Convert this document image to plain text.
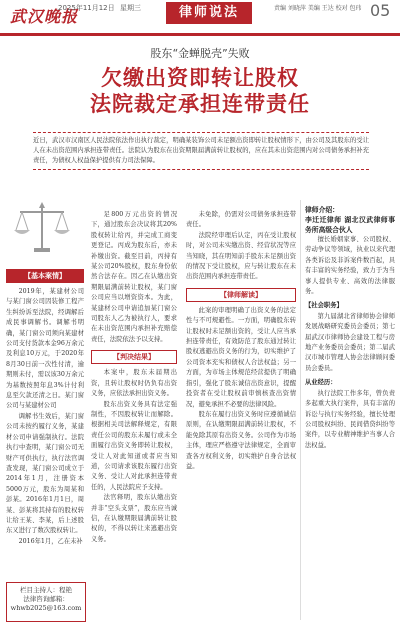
武汉晚报
2025年11月12日 星期三	律师说法	责编 刘晓萍 美编 王达 校对 包玮 05
股东“金蝉脱壳”失败
欠缴出资即转让股权
法院裁定承担连带责任
近日，武汉市汉南区人民法院依法作出执行裁定，明确某装饰公司未足额出资即转让股权情形下，由公司及其股东的受让人在未出资范围内承担连带责任。法院认为股东在出资期限届满前转让股权的，应在其未出资范围内对公司债务承担补充责任，为债权人权益保护提供有力司法保障。
【基本案情】

2019年，某建材公司与某门窗公司因装修工程产生纠纷诉至法院，经调解后成民事调解书。调解书明确，某门窗公司须向某建材公司支付货款本金96万余元及利息10万元，于2020年8月30日前一次性付清，逾期则未付，需以该30万余元为基数按照年息3%计付利息至欠款还清之日。某门窗公司与某建材公司

调解书生效后，某门窗公司未按约履行义务，某建材公司申请强制执行。法院执行中查明，某门窗公司无财产可供执行，执行法官调查发现，某门窗公司成立于2014年1月，注册资本5000万元，股东为周某和彭某。2016年1月1日，周某、彭某将其持有的股权转让给王某、李某，后上述股东又进行了数次股权转让。

2016年1月，乙在未补

栏目主持人：程艳
法律咨询邮箱：
whwb2025@163.com

足800万元出资的情况下，通过股东会决议将其20%股权转让给丙，并完成工商变更登记。丙成为股东后，亦未补缴出资。截至目前，丙持有某公司20%股权，股东身份依然合法存在。因乙在认缴出资期限届满前转让股权，某门窗公司应当以增资资本。为此，某建材公司申请追加某门窗公司股东人乙为被执行人，要求在未出资范围内承担补充赔偿责任，法院依法予以支持。

【判决结果】

本案中，股东未届期出资，且转让股权时仍负有出资义务，应依法承担出资义务。

股东出资义务具有法定强制性，不因股权转让而解除。根据相关司法解释规定，有限责任公司的股东未履行或未全面履行出资义务即转让股权，受让人对此知道或者应当知道，公司请求该股东履行出资义务、受让人对此承担连带责任的，人民法院应予支持。

法官释明，股东认缴出资并非“空头支票”，股东应当诚信，在认缴期限届满前转让股权的，不得以转让来逃避出资义务。

未免除，仍需对公司债务承担连带责任。

法院经审理后认定，丙在受让股权时，对公司未实缴出资、经营状况等应当知晓，其在明知前手股东未足额出资的情况下受让股权，应与转让股东在未出资范围内承担连带责任。

【律师解读】

此案的审理明确了出资义务的法定性与不可规避性。一方面，明确股东转让股权时未足额出资的，受让人应当承担连带责任，有效防范了股东通过转让股权逃避出资义务的行为，切实维护了公司资本充实和债权人合法权益；另一方面，为市场主体规范经营提供了明确指引，强化了股东诚信出资意识，提醒投资者在受让股权前审慎核查出资情况，避免承担不必要的法律风险。

股东在履行出资义务时应遵循诚信原则，在认缴期限届满前转让股权，不能免除其原有出资义务。公司作为市场主体，理应严格遵守法律规定，全面审查各方权利义务，切实维护自身合法权益。

律师介绍：
李迁迁律师 湖北汉武律师事务所高级合伙人

擅长婚姻家事、公司股权、劳动争议等领域，执业以来代理各类诉讼及非诉案件数百起，具有丰富的实务经验，致力于为当事人提供专业、高效的法律服务。

【社会职务】

第九届湖北省律师协会律师发展战略研究委员会委员；第七届武汉市律师协会建设工程与房地产业务委员会委员；第二届武汉市城市管理人协会法律顾问委员会委员。

从业经历：

执行法院工作多年，曾负责多起重大执行案件，具有丰富的诉讼与执行实务经验，擅长处理公司股权纠纷、民间借贷纠纷等案件，以专业精神维护当事人合法权益。
